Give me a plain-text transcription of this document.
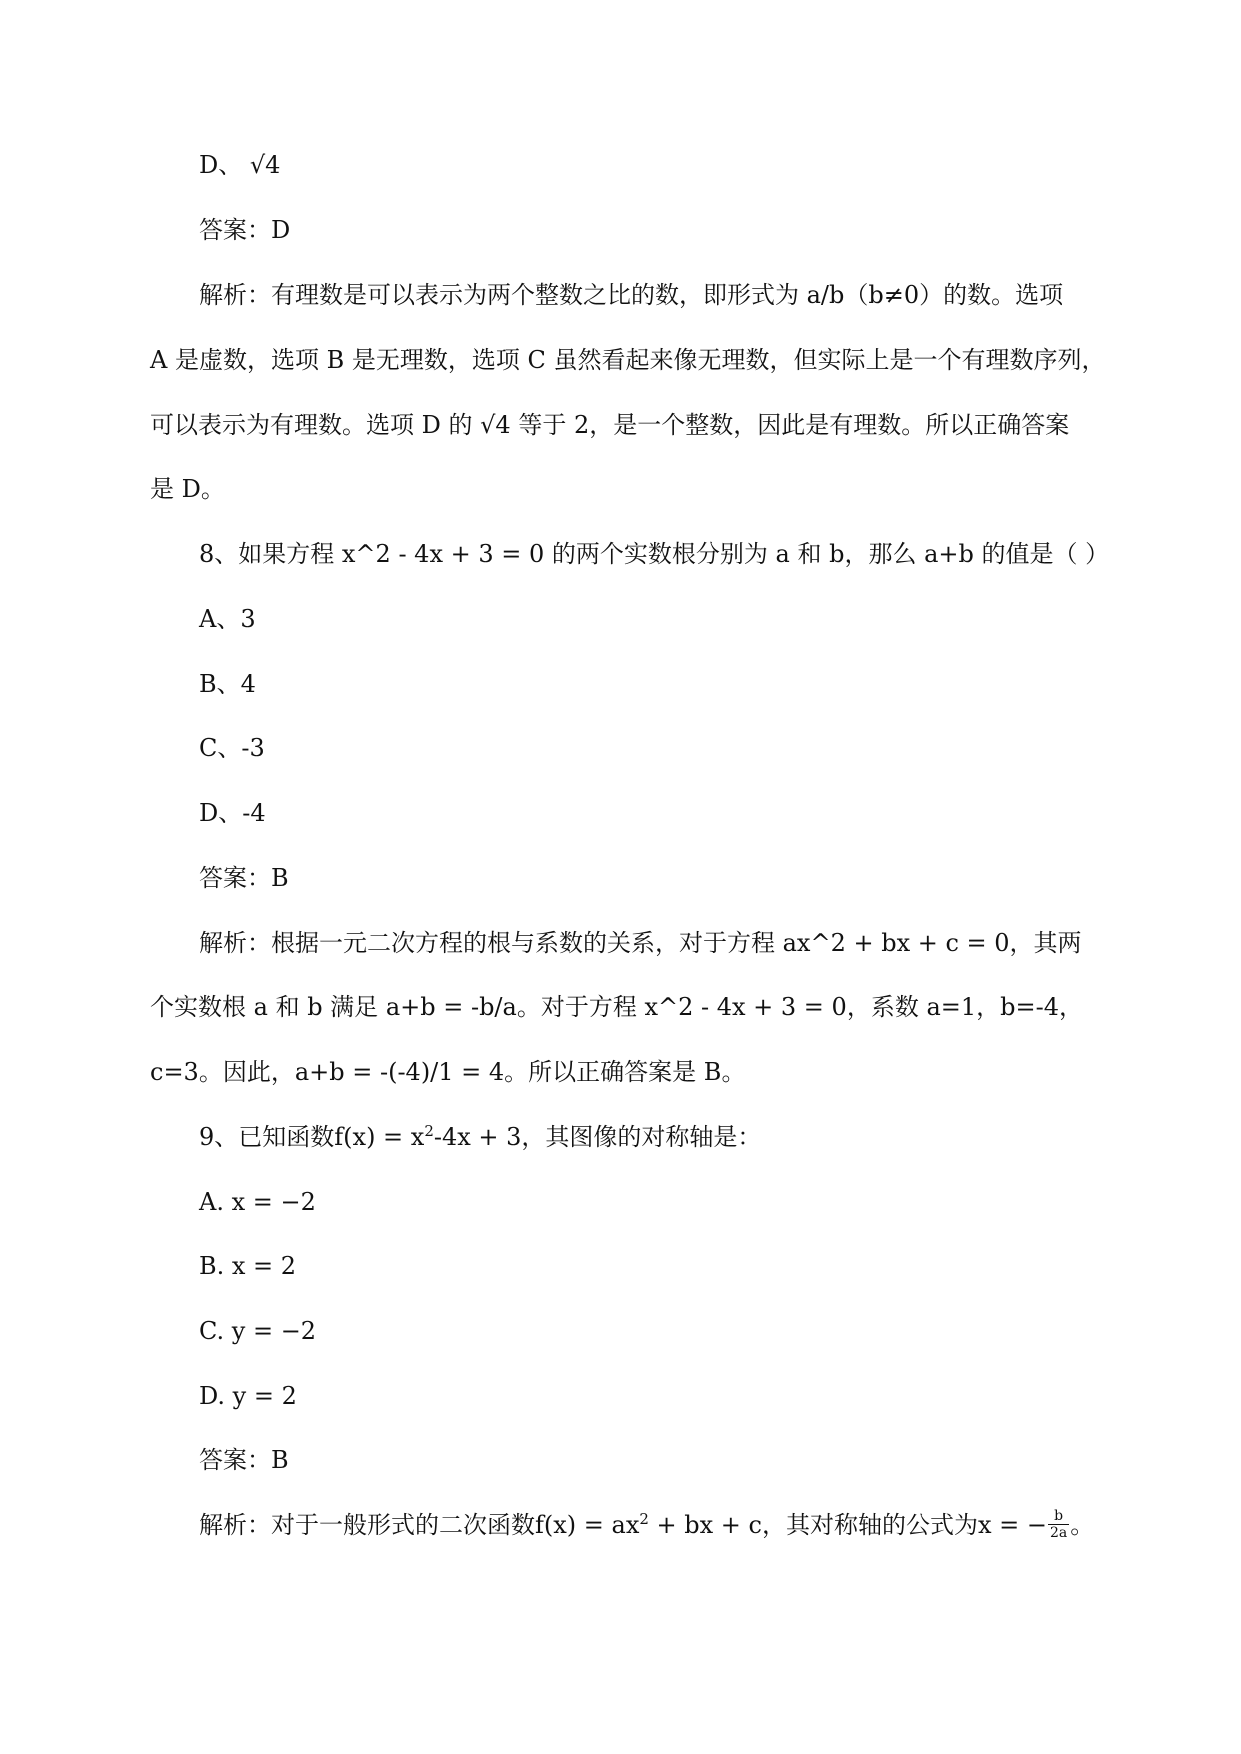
D、 √4
答案：D
解析：有理数是可以表示为两个整数之比的数，即形式为 a/b（b≠0）的数。选项
A 是虚数，选项 B 是无理数，选项 C 虽然看起来像无理数，但实际上是一个有理数序列，
可以表示为有理数。选项 D 的 √4 等于 2，是一个整数，因此是有理数。所以正确答案
是 D。
8、如果方程 x^2 - 4x + 3 = 0 的两个实数根分别为 a 和 b，那么 a+b 的值是（ ）
A、3
B、4
C、-3
D、-4
答案：B
解析：根据一元二次方程的根与系数的关系，对于方程 ax^2 + bx + c = 0，其两
个实数根 a 和 b 满足 a+b = -b/a。对于方程 x^2 - 4x + 3 = 0，系数 a=1，b=-4，
c=3。因此，a+b = -(-4)/1 = 4。所以正确答案是 B。
9、已知函数$f(x) = x^2-4x + 3$，其图像的对称轴是：
A. x = −2
B. x = 2
C. y = −2
D. y = 2
答案：B
解析：对于一般形式的二次函数$f(x) = ax^2$ + bx + c，其对称轴的公式为x = − $\frac{b}{2a}$ 。
